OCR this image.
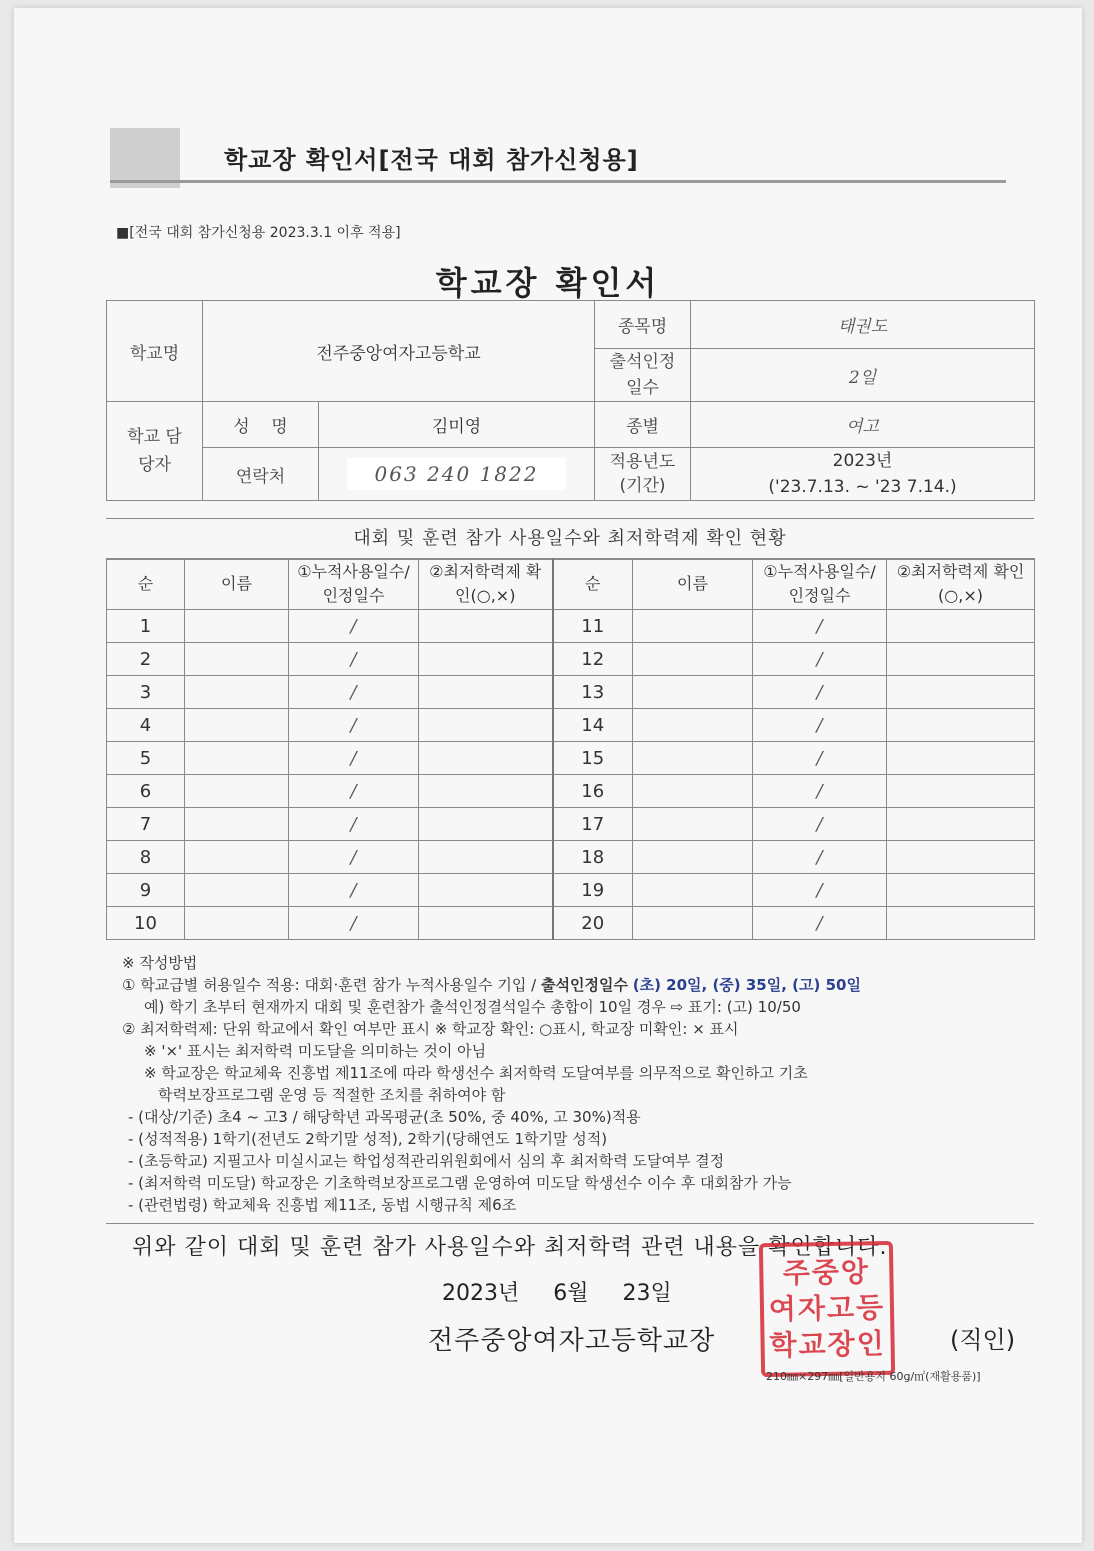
학교장 확인서[전국 대회 참가신청용]
■[전국 대회 참가신청용 2023.3.1 이후 적용]
학교장 확인서
학교명	전주중앙여자고등학교		종목명	태권도
			출석인정 일수	2일
학교 담당자	성    명	김미영	종별	여고
	연락처	063 240 1822	적용년도 (기간)	2023년
('23.7.13. ~ '23 7.14.)
대회 및 훈련 참가 사용일수와 최저학력제 확인 현황
순	이름	①누적사용일수/인정일수	②최저학력제 확인(○,×)	순	이름	①누적사용일수/인정일수	②최저학력제 확인(○,×)
1		/		11		/	
2		/		12		/	
3		/		13		/	
4		/		14		/	
5		/		15		/	
6		/		16		/	
7		/		17		/	
8		/		18		/	
9		/		19		/	
10		/		20		/	
※ 작성방법
① 학교급별 허용일수 적용: 대회·훈련 참가 누적사용일수 기입 / 출석인정일수 (초) 20일, (중) 35일, (고) 50일
예) 학기 초부터 현재까지 대회 및 훈련참가 출석인정결석일수 총합이 10일 경우 ⇨ 표기: (고) 10/50
② 최저학력제: 단위 학교에서 확인 여부만 표시 ※ 학교장 확인: ○표시, 학교장 미확인: × 표시
※ '×' 표시는 최저학력 미도달을 의미하는 것이 아님
※ 학교장은 학교체육 진흥법 제11조에 따라 학생선수 최저학력 도달여부를 의무적으로 확인하고 기초
학력보장프로그램 운영 등 적절한 조치를 취하여야 함
- (대상/기준) 초4 ~ 고3 / 해당학년 과목평균(초 50%, 중 40%, 고 30%)적용
- (성적적용) 1학기(전년도 2학기말 성적), 2학기(당해연도 1학기말 성적)
- (초등학교) 지필고사 미실시교는 학업성적관리위원회에서 심의 후 최저학력 도달여부 결정
- (최저학력 미도달) 학교장은 기초학력보장프로그램 운영하여 미도달 학생선수 이수 후 대회참가 가능
- (관련법령) 학교체육 진흥법 제11조, 동법 시행규칙 제6조
위와 같이 대회 및 훈련 참가 사용일수와 최저학력 관련 내용을 확인합니다.
2023년 6월 23일
전주중앙여자고등학교장
주중앙
여자고등
학교장인	(직인)
210㎜×297㎜[일반용지 60g/㎡(재활용품)]
